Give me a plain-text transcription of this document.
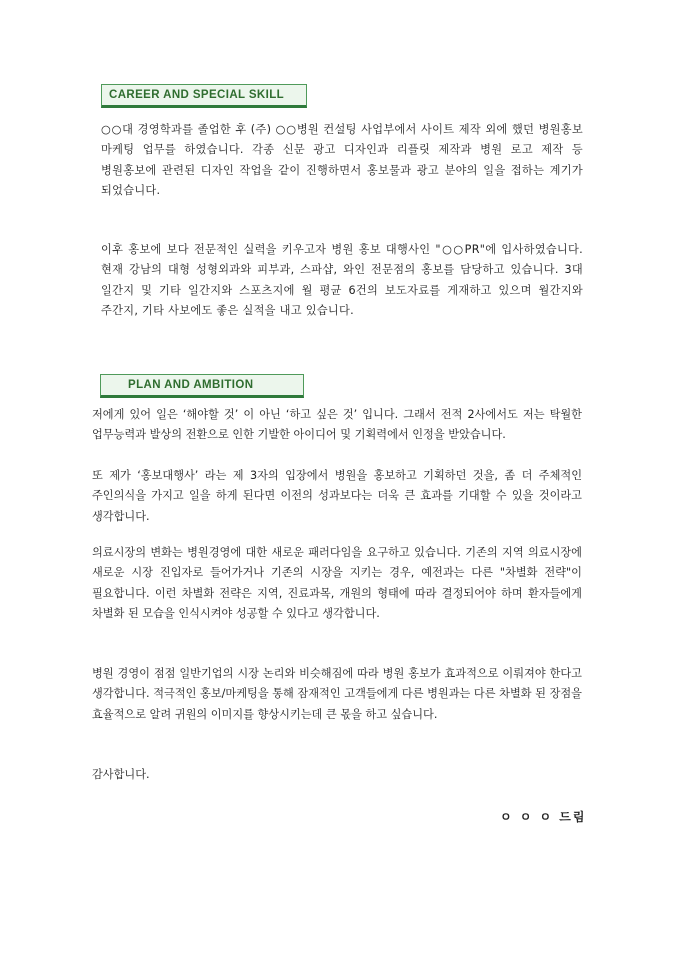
CAREER AND SPECIAL SKILL

○○대 경영학과를 졸업한 후 (주) ○○병원 컨설팅 사업부에서 사이트 제작 외에 했던 병원홍보 마케팅 업무를 하였습니다. 각종 신문 광고 디자인과 리플릿 제작과 병원 로고 제작 등 병원홍보에 관련된 디자인 작업을 같이 진행하면서 홍보물과 광고 분야의 일을 접하는 계기가 되었습니다.

이후 홍보에 보다 전문적인 실력을 키우고자 병원 홍보 대행사인 "○○PR"에 입사하였습니다. 현재 강남의 대형 성형외과와 피부과, 스파샵, 와인 전문점의 홍보를 담당하고 있습니다. 3대 일간지 및 기타 일간지와 스포츠지에 월 평균 6건의 보도자료를 게재하고 있으며 월간지와 주간지, 기타 사보에도 좋은 실적을 내고 있습니다.

PLAN AND AMBITION

저에게 있어 일은 ‘해야할 것’ 이 아닌 ‘하고 싶은 것’ 입니다. 그래서 전적 2사에서도 저는 탁월한 업무능력과 발상의 전환으로 인한 기발한 아이디어 및 기획력에서 인정을 받았습니다.

또 제가 ‘홍보대행사’ 라는 제 3자의 입장에서 병원을 홍보하고 기획하던 것을, 좀 더 주체적인 주인의식을 가지고 일을 하게 된다면 이전의 성과보다는 더욱 큰 효과를 기대할 수 있을 것이라고 생각합니다.

의료시장의 변화는 병원경영에 대한 새로운 패러다임을 요구하고 있습니다. 기존의 지역 의료시장에 새로운 시장 진입자로 들어가거나 기존의 시장을 지키는 경우, 예전과는 다른 "차별화 전략"이 필요합니다. 이런 차별화 전략은 지역, 진료과목, 개원의 형태에 따라 결정되어야 하며 환자들에게 차별화 된 모습을 인식시켜야 성공할 수 있다고 생각합니다.

병원 경영이 점점 일반기업의 시장 논리와 비슷해짐에 따라 병원 홍보가 효과적으로 이뤄져야 한다고 생각합니다. 적극적인 홍보/마케팅을 통해 잠재적인 고객들에게 다른 병원과는 다른 차별화 된 장점을 효율적으로 알려 귀원의 이미지를 향상시키는데 큰 몫을 하고 싶습니다.

감사합니다.

ㅇ ㅇ ㅇ 드림
